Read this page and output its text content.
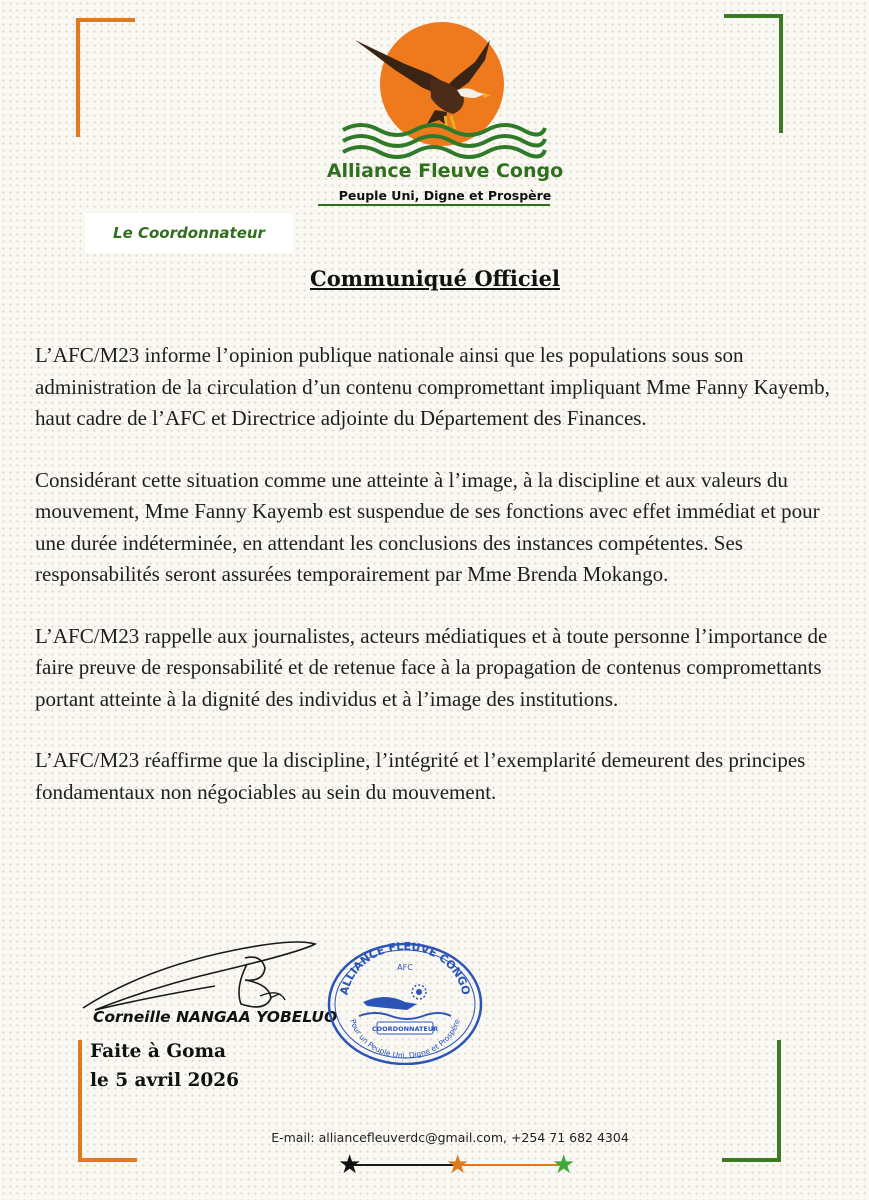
Alliance Fleuve Congo
Peuple Uni, Digne et Prospère
Le Coordonnateur
Communiqué Officiel

L’AFC/M23 informe l’opinion publique nationale ainsi que les populations sous son administration de la circulation d’un contenu compromettant impliquant Mme Fanny Kayemb, haut cadre de l’AFC et Directrice adjointe du Département des Finances.

Considérant cette situation comme une atteinte à l’image, à la discipline et aux valeurs du mouvement, Mme Fanny Kayemb est suspendue de ses fonctions avec effet immédiat et pour une durée indéterminée, en attendant les conclusions des instances compétentes. Ses responsabilités seront assurées temporairement par Mme Brenda Mokango.

L’AFC/M23 rappelle aux journalistes, acteurs médiatiques et à toute personne l’importance de faire preuve de responsabilité et de retenue face à la propagation de contenus compromettants portant atteinte à la dignité des individus et à l’image des institutions.

L’AFC/M23 réaffirme que la discipline, l’intégrité et l’exemplarité demeurent des principes fondamentaux non négociables au sein du mouvement.

Corneille NANGAA YOBELUO
Faite à Goma
le 5 avril 2026
ALLIANCE FLEUVE CONGO
AFC
COORDONNATEUR
Pour un Peuple Uni, Digne et Prospère
E-mail: alliancefleuverdc@gmail.com, +254 71 682 4304
★	★	★
